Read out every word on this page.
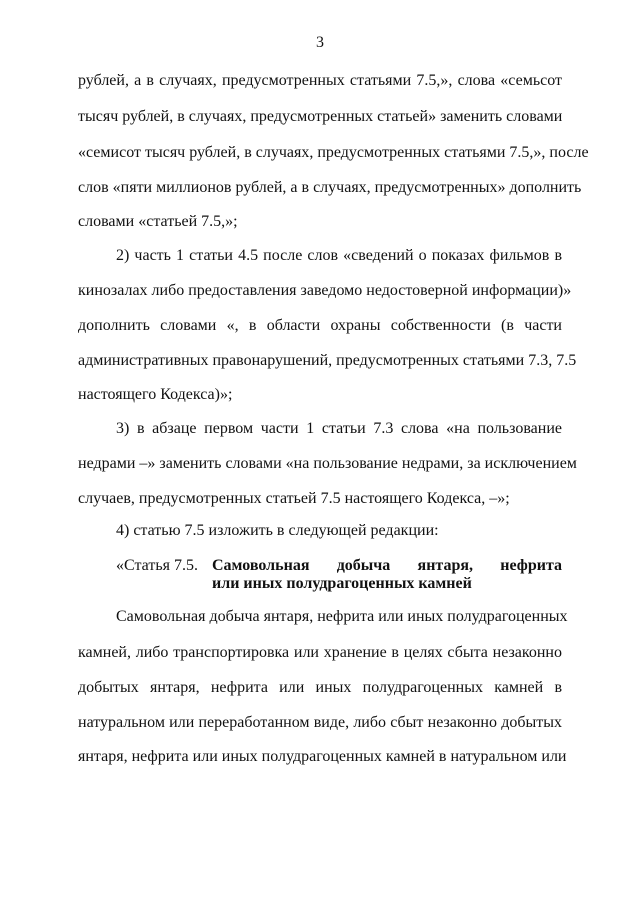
3
рублей, а в случаях, предусмотренных статьями 7.5,», слова «семьсот
тысяч рублей, в случаях, предусмотренных статьей» заменить словами
«семисот тысяч рублей, в случаях, предусмотренных статьями 7.5,», после
слов «пяти миллионов рублей, а в случаях, предусмотренных» дополнить
словами «статьей 7.5,»;
2) часть 1 статьи 4.5 после слов «сведений о показах фильмов в
кинозалах либо предоставления заведомо недостоверной информации)»
дополнить словами «, в области охраны собственности (в части
административных правонарушений, предусмотренных статьями 7.3, 7.5
настоящего Кодекса)»;
3) в абзаце первом части 1 статьи 7.3 слова «на пользование
недрами –» заменить словами «на пользование недрами, за исключением
случаев, предусмотренных статьей 7.5 настоящего Кодекса, –»;
4) статью 7.5 изложить в следующей редакции:
«Статья 7.5. Самовольная добыча янтаря, нефрита
или иных полудрагоценных камней
Самовольная добыча янтаря, нефрита или иных полудрагоценных
камней, либо транспортировка или хранение в целях сбыта незаконно
добытых янтаря, нефрита или иных полудрагоценных камней в
натуральном или переработанном виде, либо сбыт незаконно добытых
янтаря, нефрита или иных полудрагоценных камней в натуральном или
